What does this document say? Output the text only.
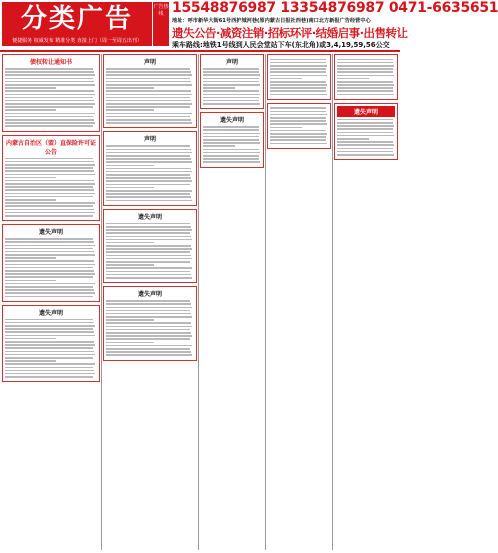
分类广告
便捷服务 权威发布 精准分类 直接上门（周一至周五出刊）
广告热线 15548876987 13354876987 0471-6635651
地址：呼市新华大街61号西护城河巷(原内蒙古日报社西巷)南口北方新报广告经营中心
遗失公告·减资注销·招标环评·结婚启事·出售转让
乘车路线:地铁1号线到人民会堂站下车(东北角)或3,4,19,59,56公交
债权转让通知书
内蒙古自治区（盟）直保险许可证公告
遗失声明
遗失声明
声明
声明
遗失声明
遗失声明
声明
遗失声明
遗失声明
